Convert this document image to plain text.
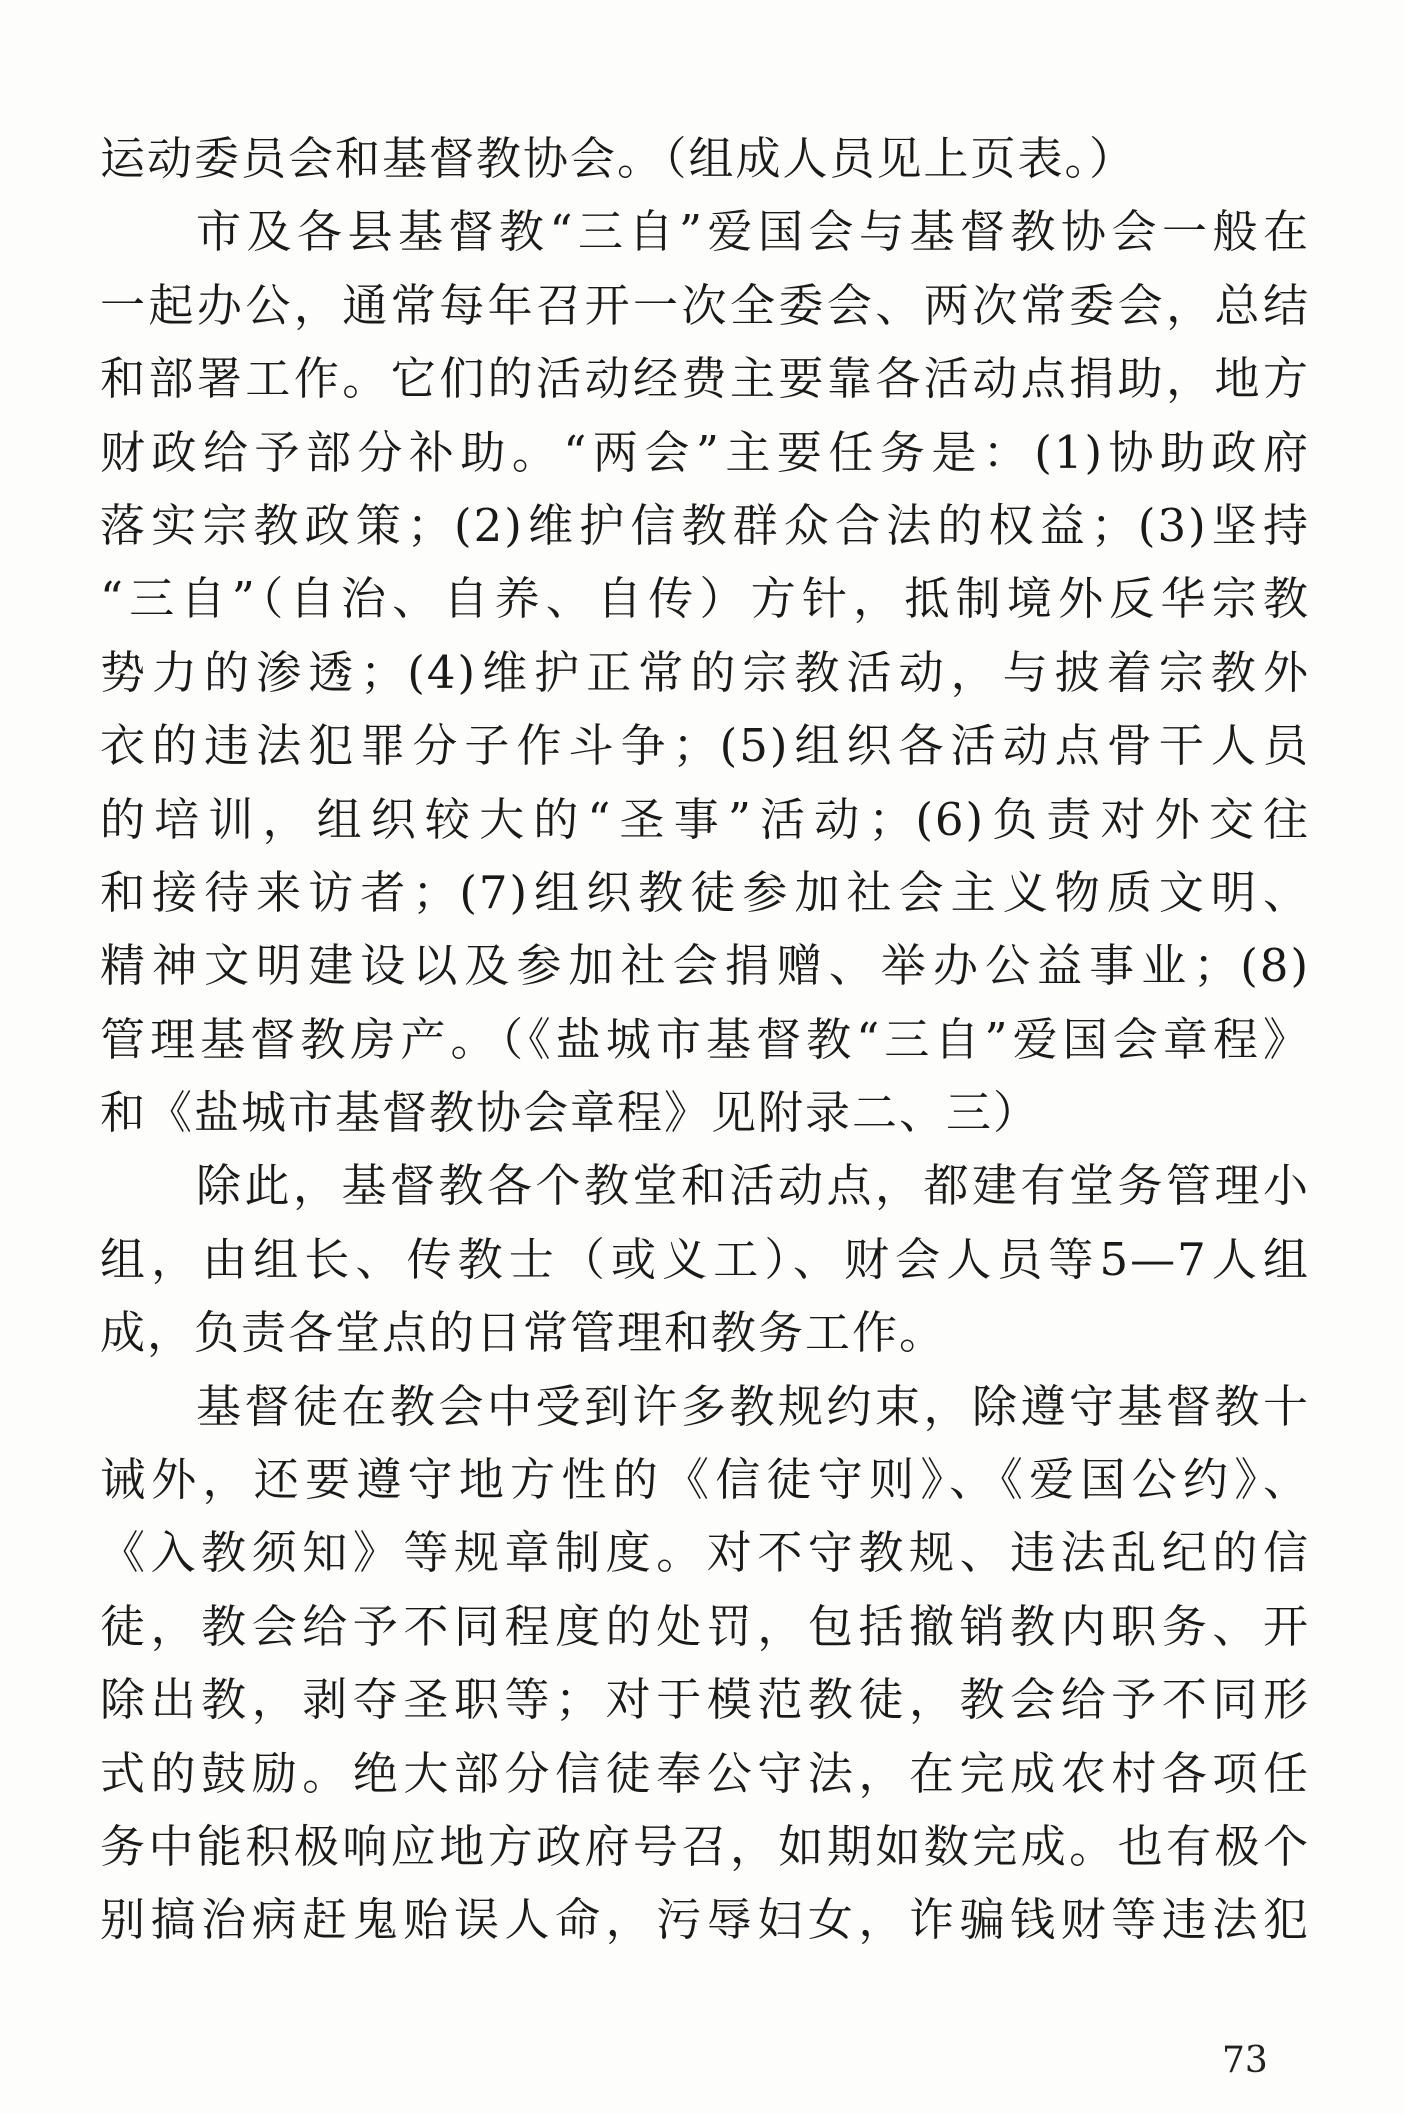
运动委员会和基督教协会。（组成人员见上页表。）
市及各县基督教“三自”爱国会与基督教协会一般在
一起办公，通常每年召开一次全委会、两次常委会，总结
和部署工作。它们的活动经费主要靠各活动点捐助，地方
财政给予部分补助。“两会”主要任务是：(1)协助政府
落实宗教政策；(2)维护信教群众合法的权益；(3)坚持
“三自”（自治、自养、自传）方针，抵制境外反华宗教
势力的渗透；(4)维护正常的宗教活动，与披着宗教外
衣的违法犯罪分子作斗争；(5)组织各活动点骨干人员
的培训，组织较大的“圣事”活动；(6)负责对外交往
和接待来访者；(7)组织教徒参加社会主义物质文明、
精神文明建设以及参加社会捐赠、举办公益事业；(8)
管理基督教房产。（《盐城市基督教“三自”爱国会章程》
和《盐城市基督教协会章程》见附录二、三）
除此，基督教各个教堂和活动点，都建有堂务管理小
组，由组长、传教士（或义工）、财会人员等5—7人组
成，负责各堂点的日常管理和教务工作。
基督徒在教会中受到许多教规约束，除遵守基督教十
诫外，还要遵守地方性的《信徒守则》、《爱国公约》、
《入教须知》等规章制度。对不守教规、违法乱纪的信
徒，教会给予不同程度的处罚，包括撤销教内职务、开
除出教，剥夺圣职等；对于模范教徒，教会给予不同形
式的鼓励。绝大部分信徒奉公守法，在完成农村各项任
务中能积极响应地方政府号召，如期如数完成。也有极个
别搞治病赶鬼贻误人命，污辱妇女，诈骗钱财等违法犯
73
